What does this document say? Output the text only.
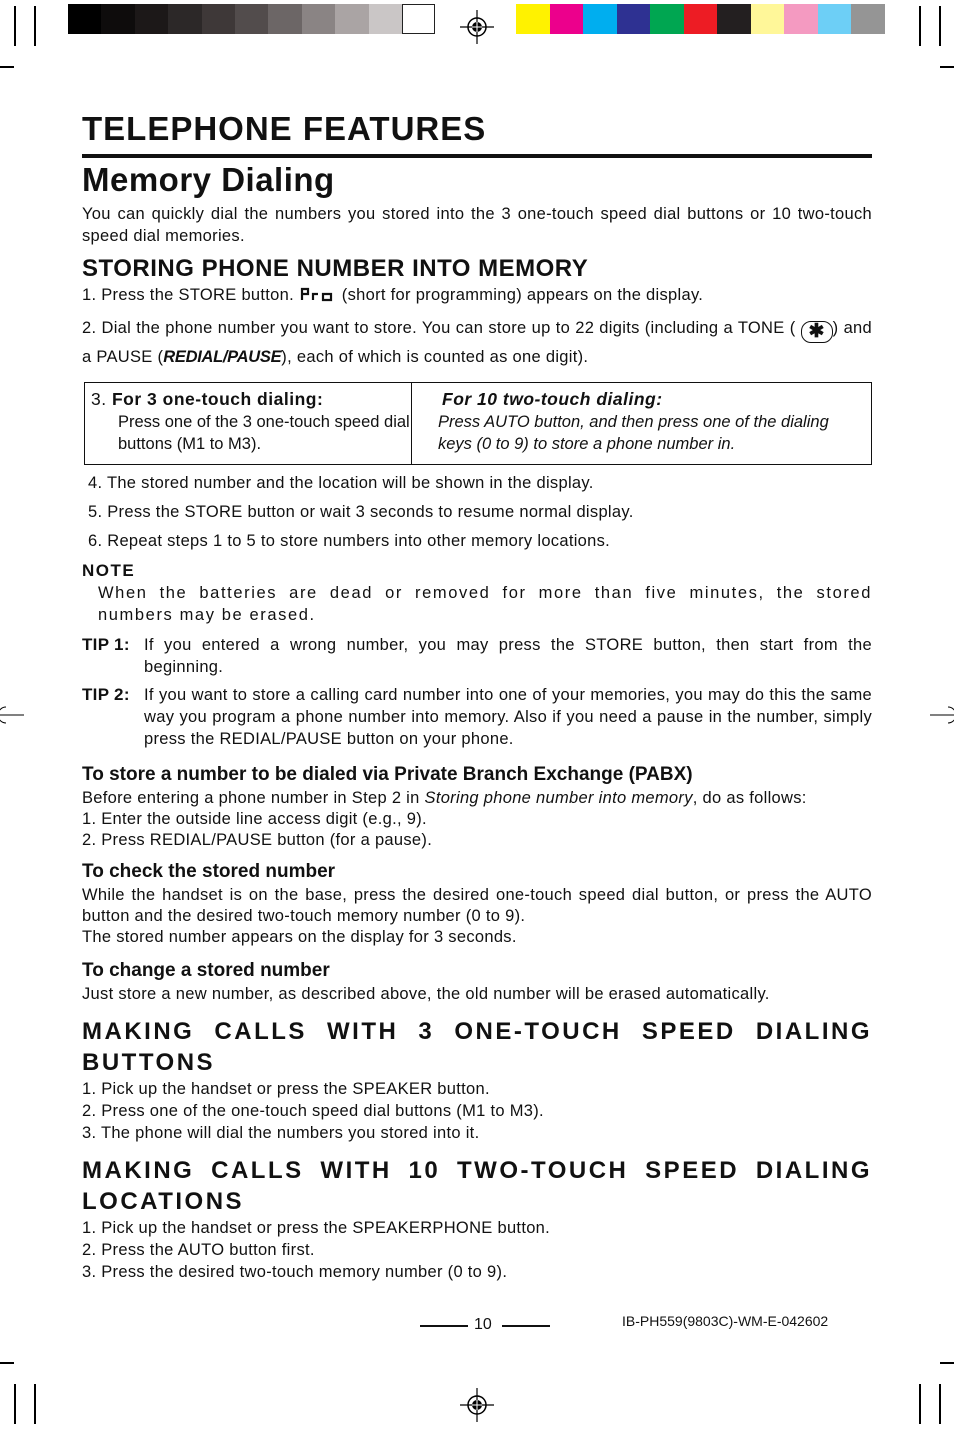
TELEPHONE FEATURES
Memory Dialing

You can quickly dial the numbers you stored into the 3 one-touch speed dial buttons or 10 two-touch speed dial memories.

STORING PHONE NUMBER INTO MEMORY

1. Press the STORE button.	(short for programming) appears on the display.

2. Dial the phone number you want to store. You can store up to 22 digits (including a TONE ( ✱ ) and a PAUSE (REDIAL/PAUSE), each of which is counted as one digit).

3. For 3 one-touch dialing:
Press one of the 3 one-touch speed dial buttons (M1 to M3).
For 10 two-touch dialing:
Press AUTO button, and then press one of the dialing keys (0 to 9) to store a phone number in.

4. The stored number and the location will be shown in the display.

5. Press the STORE button or wait 3 seconds to resume normal display.

6. Repeat steps 1 to 5 to store numbers into other memory locations.

NOTE

When the batteries are dead or removed for more than five minutes, the stored numbers may be erased.

TIP 1: If you entered a wrong number, you may press the STORE button, then start from the beginning.
TIP 2: If you want to store a calling card number into one of your memories, you may do this the same way you program a phone number into memory. Also if you need a pause in the number, simply press the REDIAL/PAUSE button on your phone.
To store a number to be dialed via Private Branch Exchange (PABX)

Before entering a phone number in Step 2 in Storing phone number into memory, do as follows:

1. Enter the outside line access digit (e.g., 9).

2. Press REDIAL/PAUSE button (for a pause).

To check the stored number

While the handset is on the base, press the desired one-touch speed dial button, or press the AUTO button and the desired two-touch memory number (0 to 9).

The stored number appears on the display for 3 seconds.

To change a stored number

Just store a new number, as described above, the old number will be erased automatically.

MAKING CALLS WITH 3 ONE-TOUCH SPEED DIALING BUTTONS

1. Pick up the handset or press the SPEAKER button.

2. Press one of the one-touch speed dial buttons (M1 to M3).

3. The phone will dial the numbers you stored into it.

MAKING CALLS WITH 10 TWO-TOUCH SPEED DIALING LOCATIONS

1. Pick up the handset or press the SPEAKERPHONE button.

2. Press the AUTO button first.

3. Press the desired two-touch memory number (0 to 9).

10	IB-PH559(9803C)-WM-E-042602
